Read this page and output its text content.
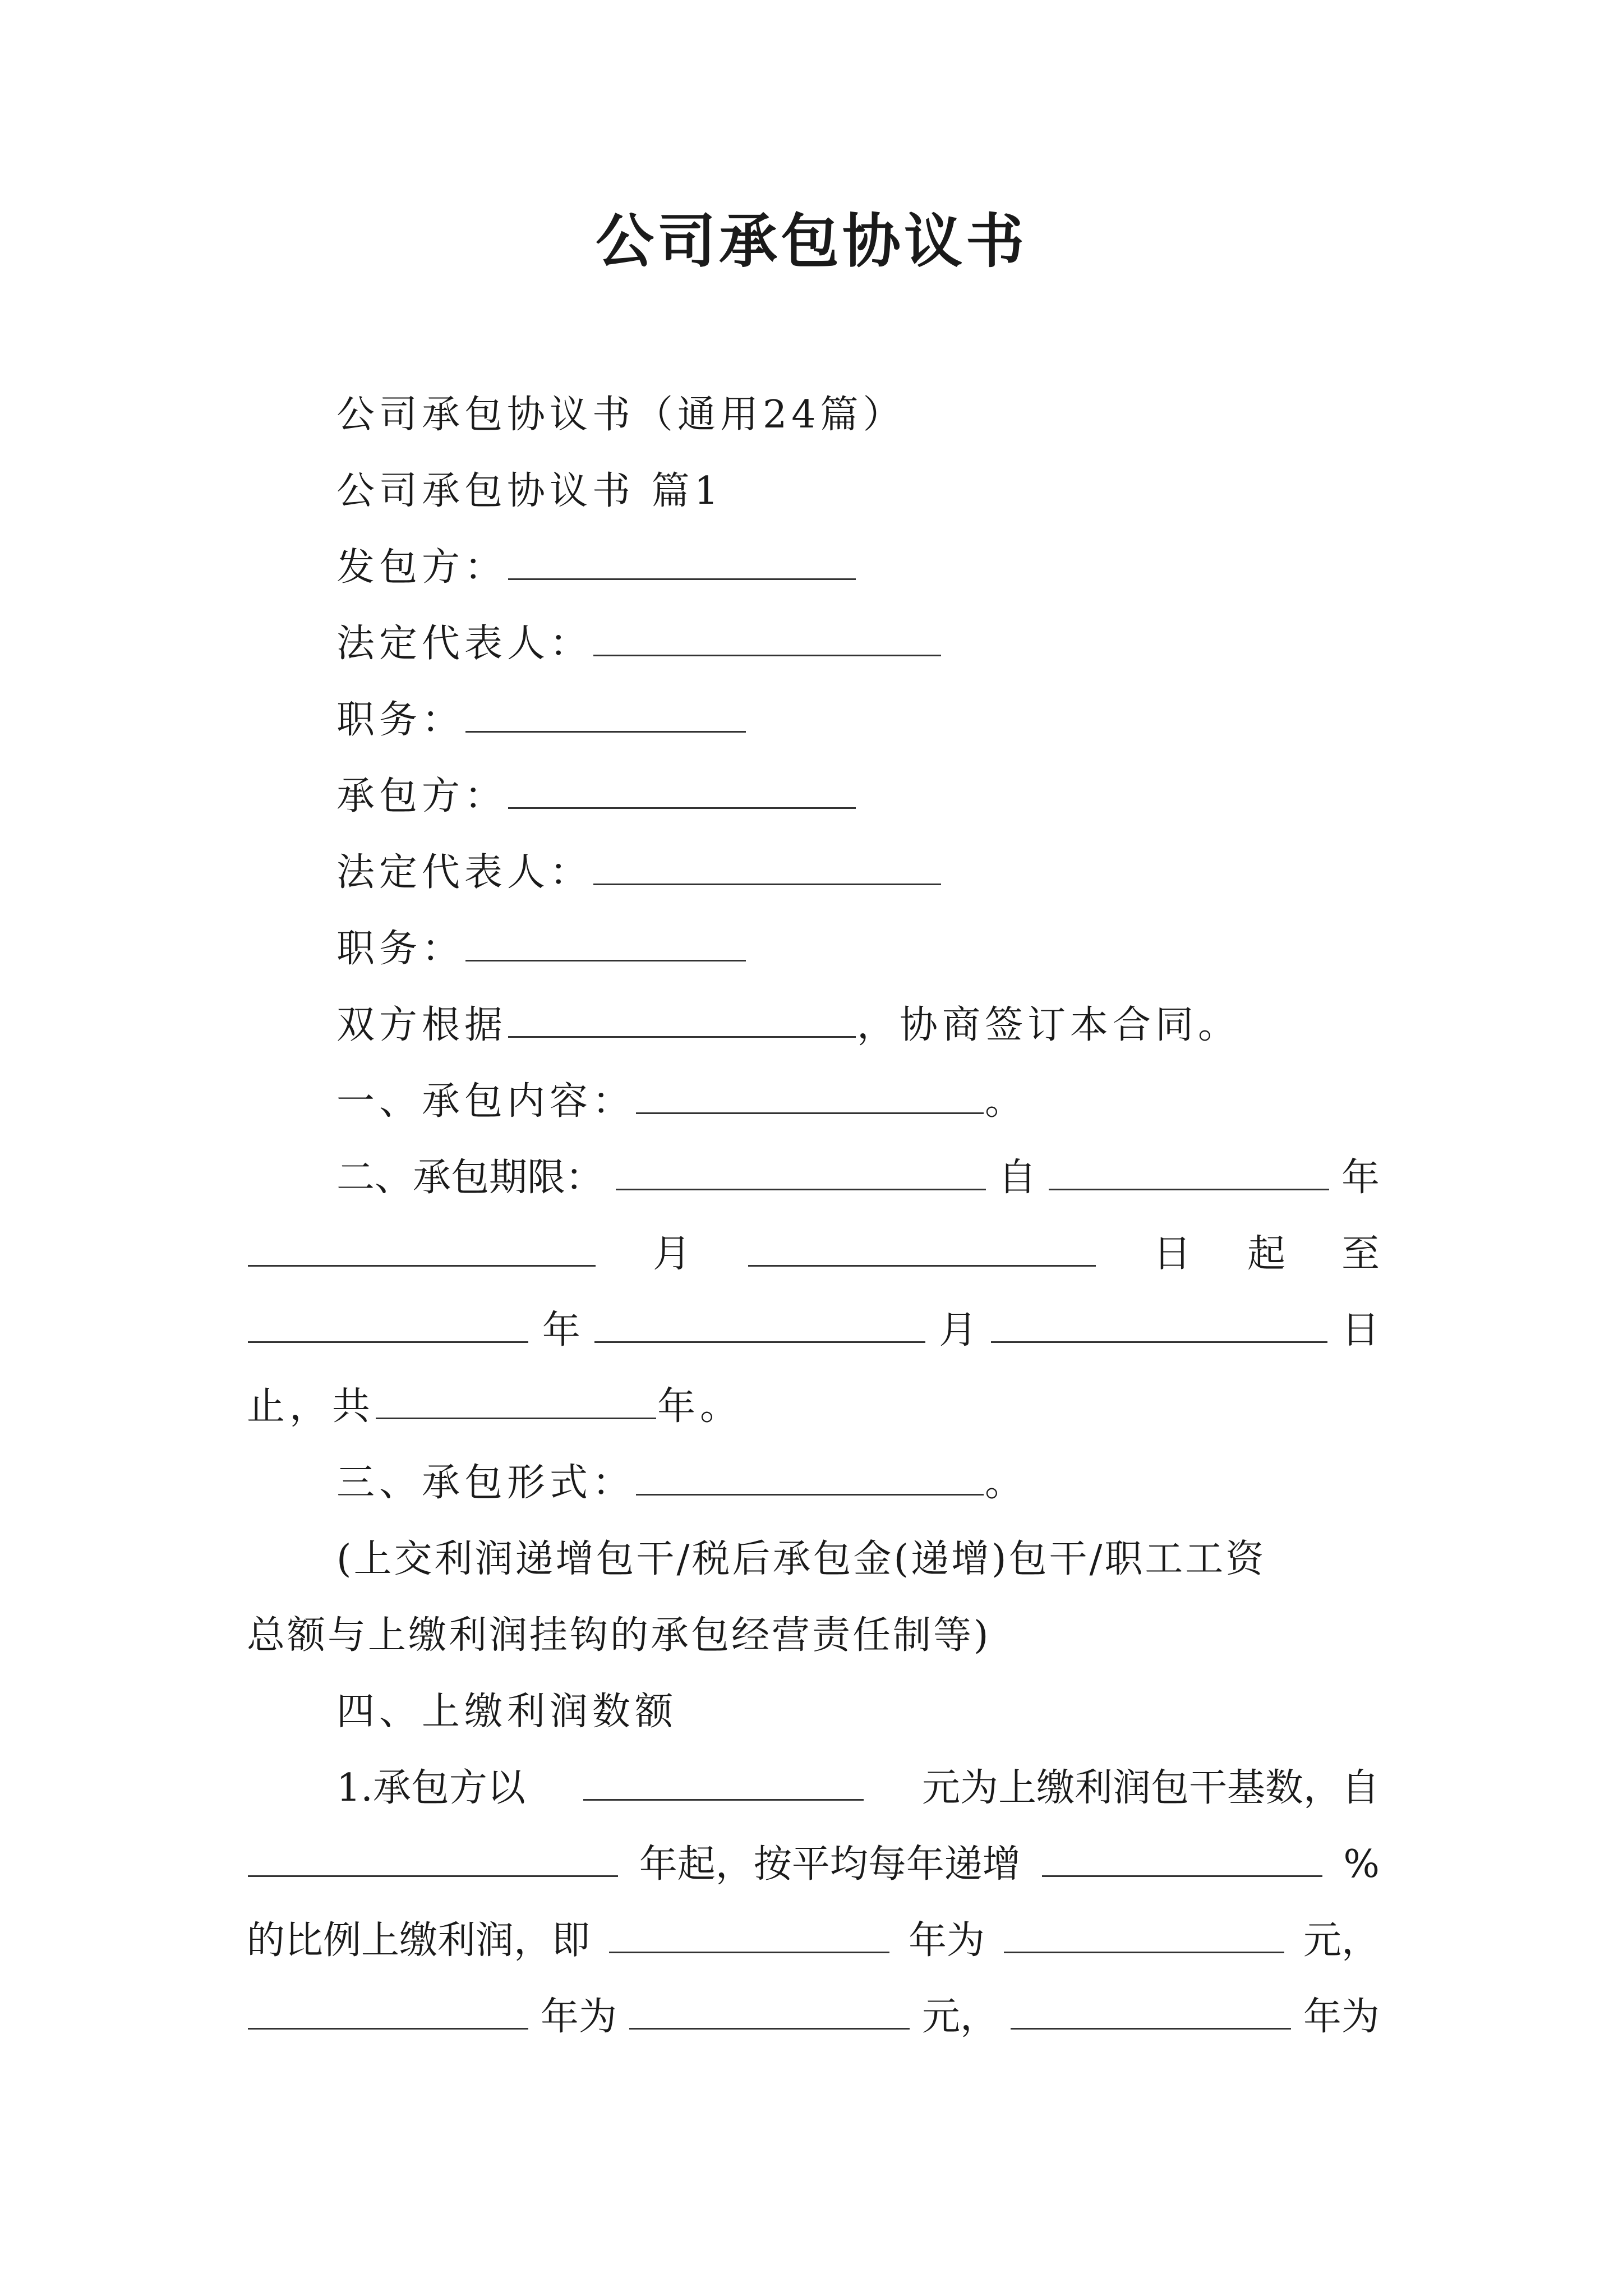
公司承包协议书
公司承包协议书（通用24篇）
公司承包协议书 篇1
发包方：
法定代表人：
职务：
承包方：
法定代表人：
职务：
双方根据	，协商签订本合同。
一、承包内容：	。
二、承包期限：	自	年
月	日 起 至
年	月	日
止，共	年。
三、承包形式：	。
(上交利润递增包干/税后承包金(递增)包干/职工工资
总额与上缴利润挂钩的承包经营责任制等)
四、上缴利润数额
1.承包方以	元为上缴利润包干基数，自
年起，按平均每年递增	%
的比例上缴利润，即	年为	元，
年为	元，	年为
